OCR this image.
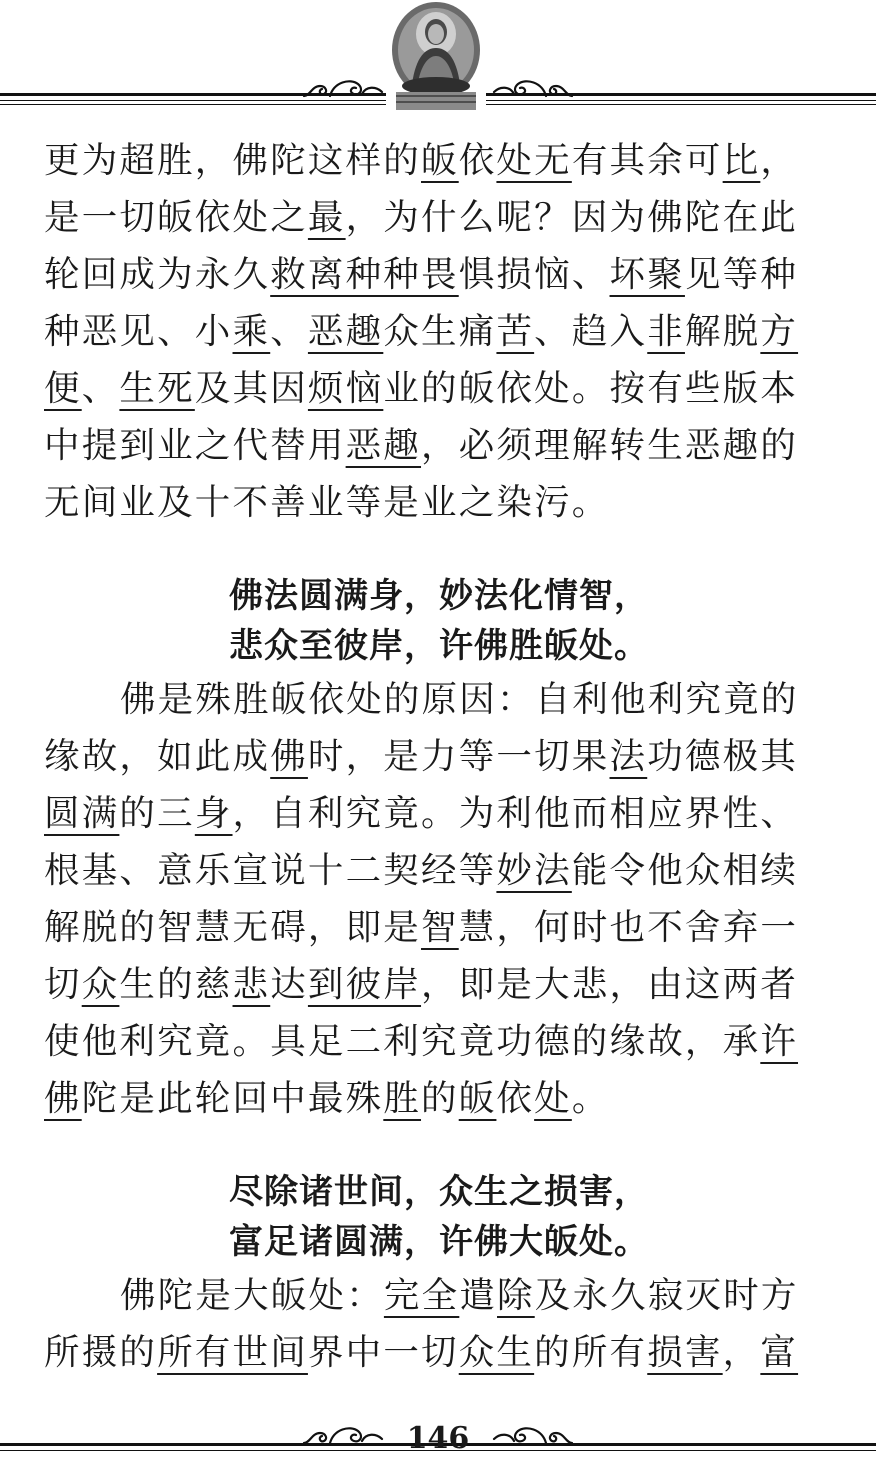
更为超胜，佛陀这样的皈依处无有其余可比，
是一切皈依处之最，为什么呢？因为佛陀在此
轮回成为永久救离种种畏惧损恼、坏聚见等种
种恶见、小乘、恶趣众生痛苦、趋入非解脱方
便、生死及其因烦恼业的皈依处。按有些版本
中提到业之代替用恶趣，必须理解转生恶趣的
无间业及十不善业等是业之染污。
佛法圆满身，妙法化情智，
悲众至彼岸，许佛胜皈处。
佛是殊胜皈依处的原因：自利他利究竟的
缘故，如此成佛时，是力等一切果法功德极其
圆满的三身，自利究竟。为利他而相应界性、
根基、意乐宣说十二契经等妙法能令他众相续
解脱的智慧无碍，即是智慧，何时也不舍弃一
切众生的慈悲达到彼岸，即是大悲，由这两者
使他利究竟。具足二利究竟功德的缘故，承许
佛陀是此轮回中最殊胜的皈依处。
尽除诸世间，众生之损害，
富足诸圆满，许佛大皈处。
佛陀是大皈处：完全遣除及永久寂灭时方
所摄的所有世间界中一切众生的所有损害，富
146
